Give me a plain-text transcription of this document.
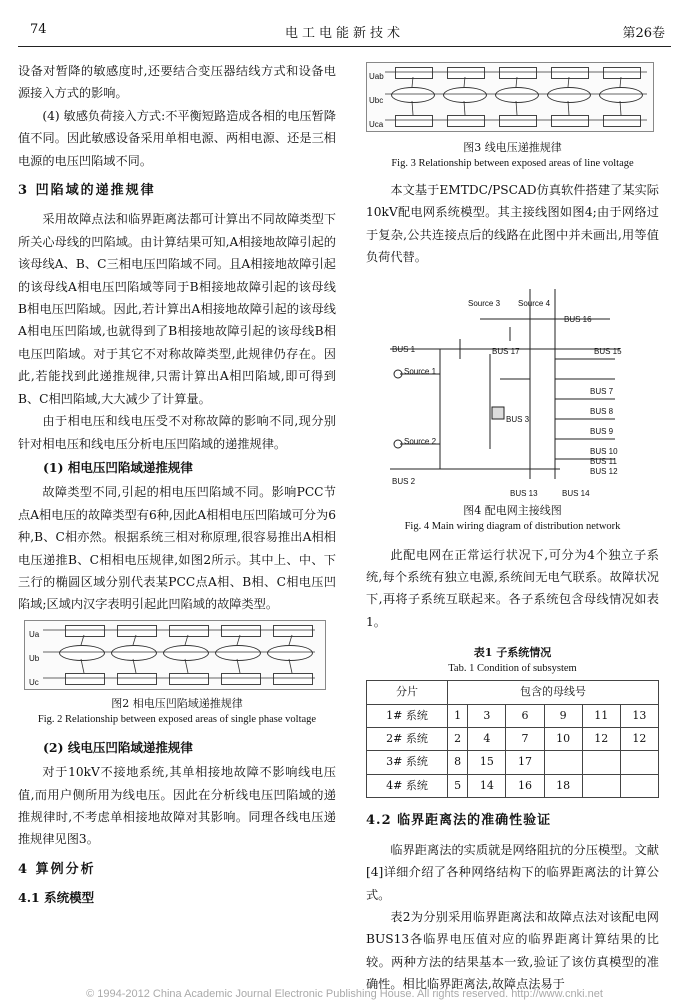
74	电工电能新技术	第26卷

设备对暂降的敏感度时,还要结合变压器结线方式和设备电源接入方式的影响。

(4) 敏感负荷接入方式:不平衡短路造成各相的电压暂降值不同。因此敏感设备采用单相电源、两相电源、还是三相电源的电压凹陷域不同。

3 凹陷域的递推规律

采用故障点法和临界距离法都可计算出不同故障类型下所关心母线的凹陷域。由计算结果可知,A相接地故障引起的该母线A、B、C三相电压凹陷域不同。且A相接地故障引起的该母线A相电压凹陷域等同于B相接地故障引起的该母线B相电压凹陷域。因此,若计算出A相接地故障引起的该母线A相电压凹陷域,也就得到了B相接地故障引起的该母线B相电压凹陷域。对于其它不对称故障类型,此规律仍存在。因此,若能找到此递推规律,只需计算出A相凹陷域,即可得到B、C相凹陷域,大大减少了计算量。

由于相电压和线电压受不对称故障的影响不同,现分别针对相电压和线电压分析电压凹陷域的递推规律。

(1) 相电压凹陷域递推规律

故障类型不同,引起的相电压凹陷域不同。影响PCC节点A相电压的故障类型有6种,因此A相相电压凹陷域可分为6种,B、C相亦然。根据系统三相对称原理,很容易推出A相相电压递推B、C相相电压规律,如图2所示。其中上、中、下三行的椭圆区域分别代表某PCC点A相、B相、C相电压凹陷域;区域内汉字表明引起此凹陷域的故障类型。

Ua
Ub
Uc
图2 相电压凹陷域递推规律
Fig. 2 Relationship between exposed areas of single phase voltage
(2) 线电压凹陷域递推规律

对于10kV不接地系统,其单相接地故障不影响线电压值,而用户侧所用为线电压。因此在分析线电压凹陷域的递推规律时,不考虑单相接地故障对其影响。同理各线电压递推规律见图3。

4 算例分析
4.1 系统模型
Uab
Ubc
Uca
图3 线电压递推规律
Fig. 3 Relationship between exposed areas of line voltage

本文基于EMTDC/PSCAD仿真软件搭建了某实际10kV配电网系统模型。其主接线图如图4;由于网络过于复杂,公共连接点后的线路在此图中并未画出,用等值负荷代替。

Source 3 Source 4
BUS 16
BUS 1	BUS 17
BUS 3
BUS 2
BUS 13	BUS 14
Source 1
Source 2
BUS 15
BUS 7
BUS 8
BUS 9
BUS 10
BUS 11
BUS 12
图4 配电网主接线图
Fig. 4 Main wiring diagram of distribution network

此配电网在正常运行状况下,可分为4个独立子系统,每个系统有独立电源,系统间无电气联系。故障状况下,再将子系统互联起来。各子系统包含母线情况如表1。

表1 子系统情况
Tab. 1 Condition of subsystem
分片	包含的母线号					
1# 系统	1	3	6	9	11	13
2# 系统	2	4	7	10	12	12
3# 系统	8	15	17			
4# 系统	5	14	16	18		
4.2 临界距离法的准确性验证

临界距离法的实质就是网络阻抗的分压模型。文献[4]详细介绍了各种网络结构下的临界距离法的计算公式。

表2为分别采用临界距离法和故障点法对该配电网BUS13各临界电压值对应的临界距离计算结果的比较。两种方法的结果基本一致,验证了该仿真模型的准确性。相比临界距离法,故障点法易于

© 1994-2012 China Academic Journal Electronic Publishing House. All rights reserved. http://www.cnki.net
